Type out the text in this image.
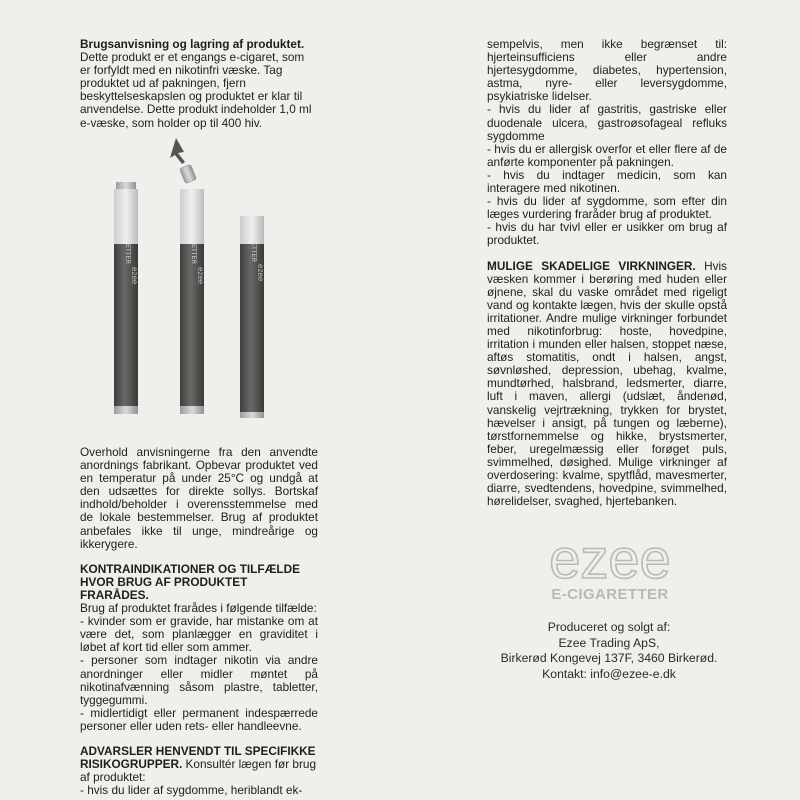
Brugsanvisning og lagring af produktet.

Dette produkt er et engangs e-cigaret, som er forfyldt med en nikotinfri væske. Tag produktet ud af pakningen, fjern beskyttelseskapslen og produktet er klar til anvendelse. Dette produkt indeholder 1,0 ml e-væske, som holder op til 400 hiv.

ETTER
ezee
ETTER
ezee
ETTER
ezee

Overhold anvisningerne fra den anvendte anordnings fabrikant. Opbevar produktet ved en temperatur på under 25°C og undgå at den udsættes for direkte sollys. Bortskaf indhold/beholder i overensstemmelse med de lokale bestemmelser. Brug af produktet anbefales ikke til unge, mindreårige og ikkerygere.

KONTRAINDIKATIONER OG TILFÆLDE HVOR BRUG AF PRODUKTET FRARÅDES.

Brug af produktet frarådes i følgende tilfælde:

- kvinder som er gravide, har mistanke om at være det, som planlægger en graviditet i løbet af kort tid eller som ammer.
- personer som indtager nikotin via andre anordninger eller midler møntet på nikotinafvænning såsom plastre, tabletter, tyggegummi.
- midlertidigt eller permanent indespærrede personer eller uden rets- eller handleevne.

ADVARSLER HENVENDT TIL SPECIFIKKE RISIKOGRUPPER. Konsultér lægen før brug af produktet:

- hvis du lider af sygdomme, heriblandt ek-
sempelvis, men ikke begrænset til: hjerteinsufficiens eller andre hjertesygdomme, diabetes, hypertension, astma, nyre- eller leversygdomme, psykiatriske lidelser.
- hvis du lider af gastritis, gastriske eller duodenale ulcera, gastroøsofageal refluks sygdomme
- hvis du er allergisk overfor et eller flere af de anførte komponenter på pakningen.
- hvis du indtager medicin, som kan interagere med nikotinen.
- hvis du lider af sygdomme, som efter din læges vurdering fraråder brug af produktet.
- hvis du har tvivl eller er usikker om brug af produktet.

MULIGE SKADELIGE VIRKNINGER. Hvis væsken kommer i berøring med huden eller øjnene, skal du vaske området med rigeligt vand og kontakte lægen, hvis der skulle opstå irritationer. Andre mulige virkninger forbundet med nikotinforbrug: hoste, hovedpine, irritation i munden eller halsen, stoppet næse, aftøs stomatitis, ondt i halsen, angst, søvnløshed, depression, ubehag, kvalme, mundtørhed, halsbrand, ledsmerter, diarre, luft i maven, allergi (udslæt, åndenød, vanskelig vejrtrækning, trykken for brystet, hævelser i ansigt, på tungen og læberne), tørstfornemmelse og hikke, brystsmerter, feber, uregelmæssig eller forøget puls, svimmelhed, døsighed. Mulige virkninger af overdosering: kvalme, spytflåd, mavesmerter, diarre, svedtendens, hovedpine, svimmelhed, hørelidelser, svaghed, hjertebanken.

ezee
E-CIGARETTER
Produceret og solgt af:
Ezee Trading ApS,
Birkerød Kongevej 137F, 3460 Birkerød.
Kontakt: info@ezee-e.dk
